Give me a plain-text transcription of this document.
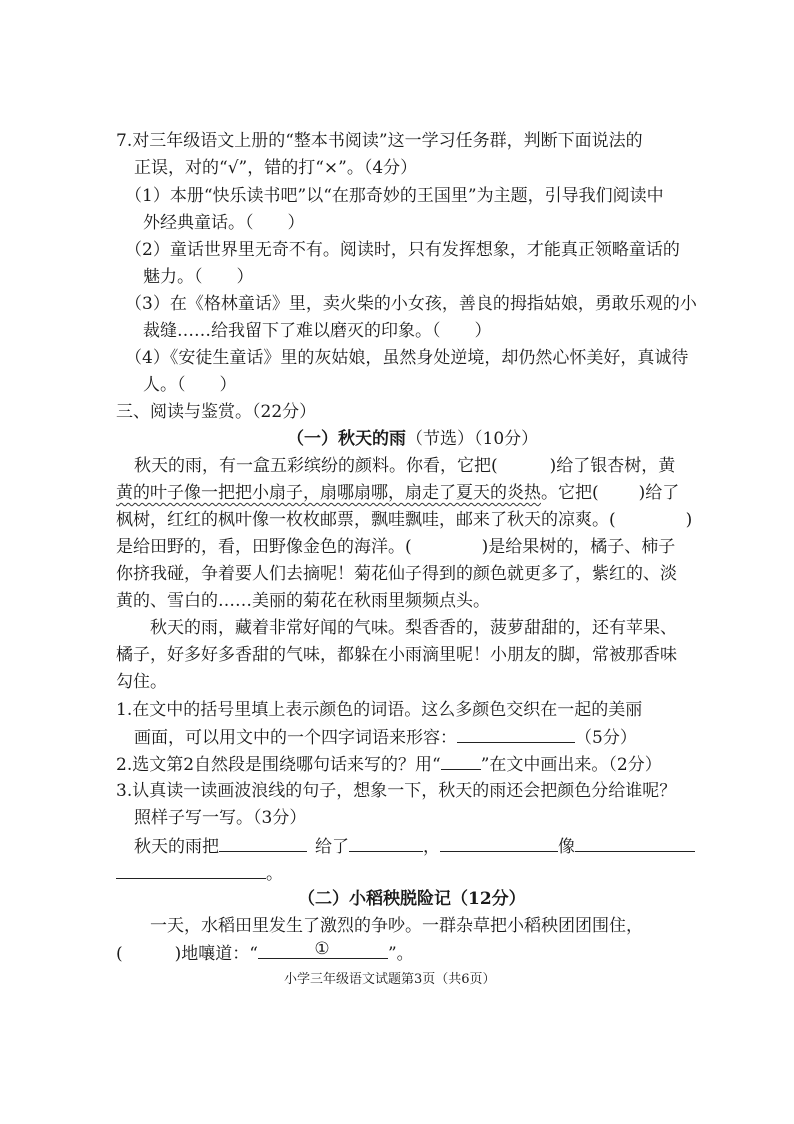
7.对三年级语文上册的“整本书阅读”这一学习任务群，判断下面说法的
正误，对的“√”，错的打“×”。（4分）
（1）本册“快乐读书吧”以“在那奇妙的王国里”为主题，引导我们阅读中
外经典童话。（　　）
（2）童话世界里无奇不有。阅读时，只有发挥想象，才能真正领略童话的
魅力。（　　）
（3）在《格林童话》里，卖火柴的小女孩，善良的拇指姑娘，勇敢乐观的小
裁缝……给我留下了难以磨灭的印象。（　　）
（4）《安徒生童话》里的灰姑娘，虽然身处逆境，却仍然心怀美好，真诚待
人。（　　）
三、阅读与鉴赏。（22分）
（一）秋天的雨（节选）（10分）
秋天的雨，有一盒五彩缤纷的颜料。你看，它把(	)给了银杏树，黄
黄的叶子像一把把小扇子，扇哪扇哪，扇走了夏天的炎热。它把( )给了
枫树，红红的枫叶像一枚枚邮票，飘哇飘哇，邮来了秋天的凉爽。(	)
是给田野的，看，田野像金色的海洋。(	)是给果树的，橘子、柿子
你挤我碰，争着要人们去摘呢！菊花仙子得到的颜色就更多了，紫红的、淡
黄的、雪白的……美丽的菊花在秋雨里频频点头。
秋天的雨，藏着非常好闻的气味。梨香香的，菠萝甜甜的，还有苹果、
橘子，好多好多香甜的气味，都躲在小雨滴里呢！小朋友的脚，常被那香味
勾住。
1.在文中的括号里填上表示颜色的词语。这么多颜色交织在一起的美丽
画面，可以用文中的一个四字词语来形容：	（5分）
2.选文第2自然段是围绕哪句话来写的？用“ ”在文中画出来。（2分）
3.认真读一读画波浪线的句子，想象一下，秋天的雨还会把颜色分给谁呢？
照样子写一写。（3分）
秋天的雨把	给了	，	像
。
（二）小稻秧脱险记（12分）
一天，水稻田里发生了激烈的争吵。一群杂草把小稻秧团团围住，
(	)地嚷道：“	①	”。
小学三年级语文试题第3页（共6页）
